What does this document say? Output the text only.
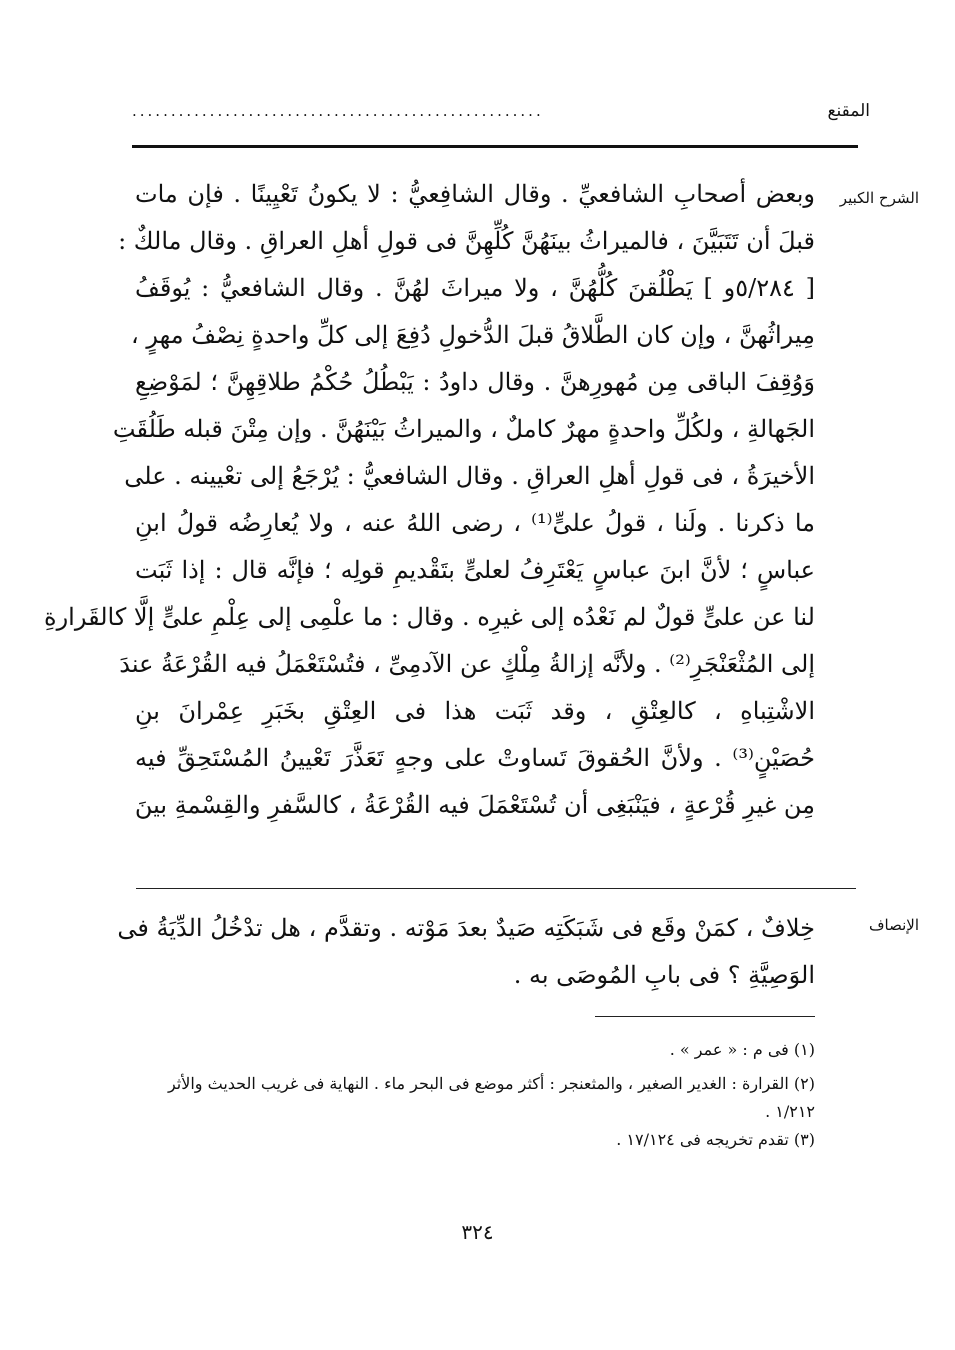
المقنع
.....................................................
الشرح الكبير
وبعض أصحابِ الشافعيِّ . وقال الشافِعيُّ : لا يكونُ تَعْيِينًا . فإن مات
قبلَ أن تَتَبَيَّنَ ، فالميراثُ بينَهُنَّ كُلِّهِنَّ فى قولِ أهلِ العراقِ . وقال مالكٌ :
[ ٥/٢٨٤و ] يَطْلُقنَ كُلُّهُنَّ ، ولا ميراثَ لهُنَّ . وقال الشافعيُّ : يُوقَفُ
مِيراثُهنَّ ، وإن كان الطَّلاقُ قبلَ الدُّخولِ دُفِعَ إلى كلِّ واحدةٍ نِصْفُ مهرٍ ،
وَوُقِفَ الباقى مِن مُهورِهنَّ . وقال داودُ : يَبْطُلُ حُكْمُ طلاقِهِنَّ ؛ لمَوْضِعِ
الجَهالةِ ، ولكُلِّ واحدةٍ مهرٌ كاملٌ ، والميراثُ بَيْنَهُنَّ . وإن مِتْنَ قبله طَلُقَتِ
الأخيرَةُ ، فى قولِ أهلِ العراقِ . وقال الشافعيُّ : يُرْجَعُ إلى تعْيينه . على
ما ذكرنا . ولَنا ، قولُ علىٍّ⁽¹⁾ ، رضى اللهُ عنه ، ولا يُعارِضُه قولُ ابنِ
عباسٍ ؛ لأنَّ ابنَ عباسٍ يَعْتَرِفُ لعلىٍّ بتَقْديمِ قولِه ؛ فإنَّه قال : إذا ثَبَت
لنا عن علىٍّ قولٌ لم نَعْدُه إلى غيرِه . وقال : ما علْمِى إلى عِلْمِ علىٍّ إلَّا كالقَرارةِ
إلى المُثْعَنْجَرِ⁽²⁾ . ولأنَّه إزالةُ مِلْكٍ عن الآدمِىِّ ، فتُسْتَعْمَلُ فيه القُرْعَةُ عندَ
الاشْتِباهِ ، كالعِتْقِ ، وقد ثَبَت هذا فى العِتْقِ بخَبَرِ عِمْرانَ بنِ
حُصَيْنٍ⁽³⁾ . ولأنَّ الحُقوقَ تَساوتْ على وجهٍ تَعَذَّرَ تَعْيينُ المُسْتَحِقِّ فيه
مِن غيرِ قُرْعةٍ ، فيَنْبَغِى أن تُسْتَعْمَلَ فيه القُرْعَةُ ، كالسَّفرِ والقِسْمةِ بينَ
الإنصاف
خِلافٌ ، كمَنْ وقَع فى شَبَكَتِه صَيدٌ بعدَ مَوْته . وتقدَّم ، هل تدْخُلُ الدِّيَةُ فى
الوَصِيَّةِ ؟ فى بابِ المُوصَى به .
(١) فى م : « عمر » .
(٢) القرارة : الغدير الصغير ، والمثعنجر : أكثر موضع فى البحر ماء . النهاية فى غريب الحديث والأثر
١/٢١٢ .
(٣) تقدم تخريجه فى ١٧/١٢٤ .
٣٢٤
